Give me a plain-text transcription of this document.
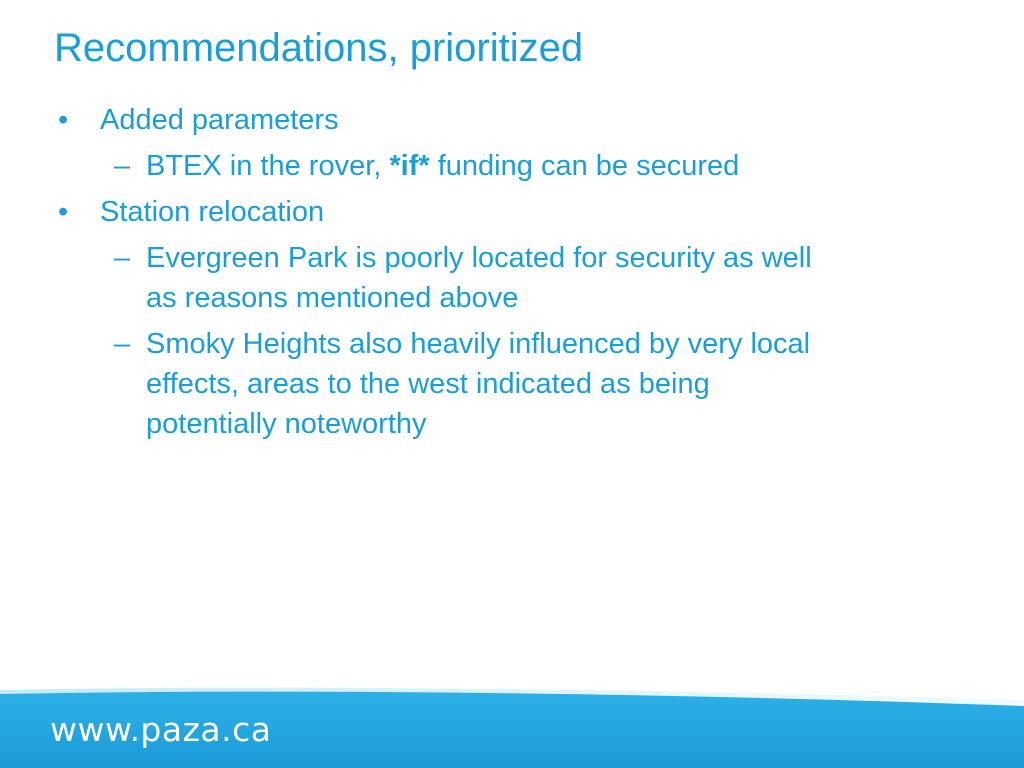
Recommendations, prioritized
• Added parameters
– BTEX in the rover, *if* funding can be secured
• Station relocation
– Evergreen Park is poorly located for security as well as reasons mentioned above
– Smoky Heights also heavily influenced by very local effects, areas to the west indicated as being potentially noteworthy
www.paza.ca
